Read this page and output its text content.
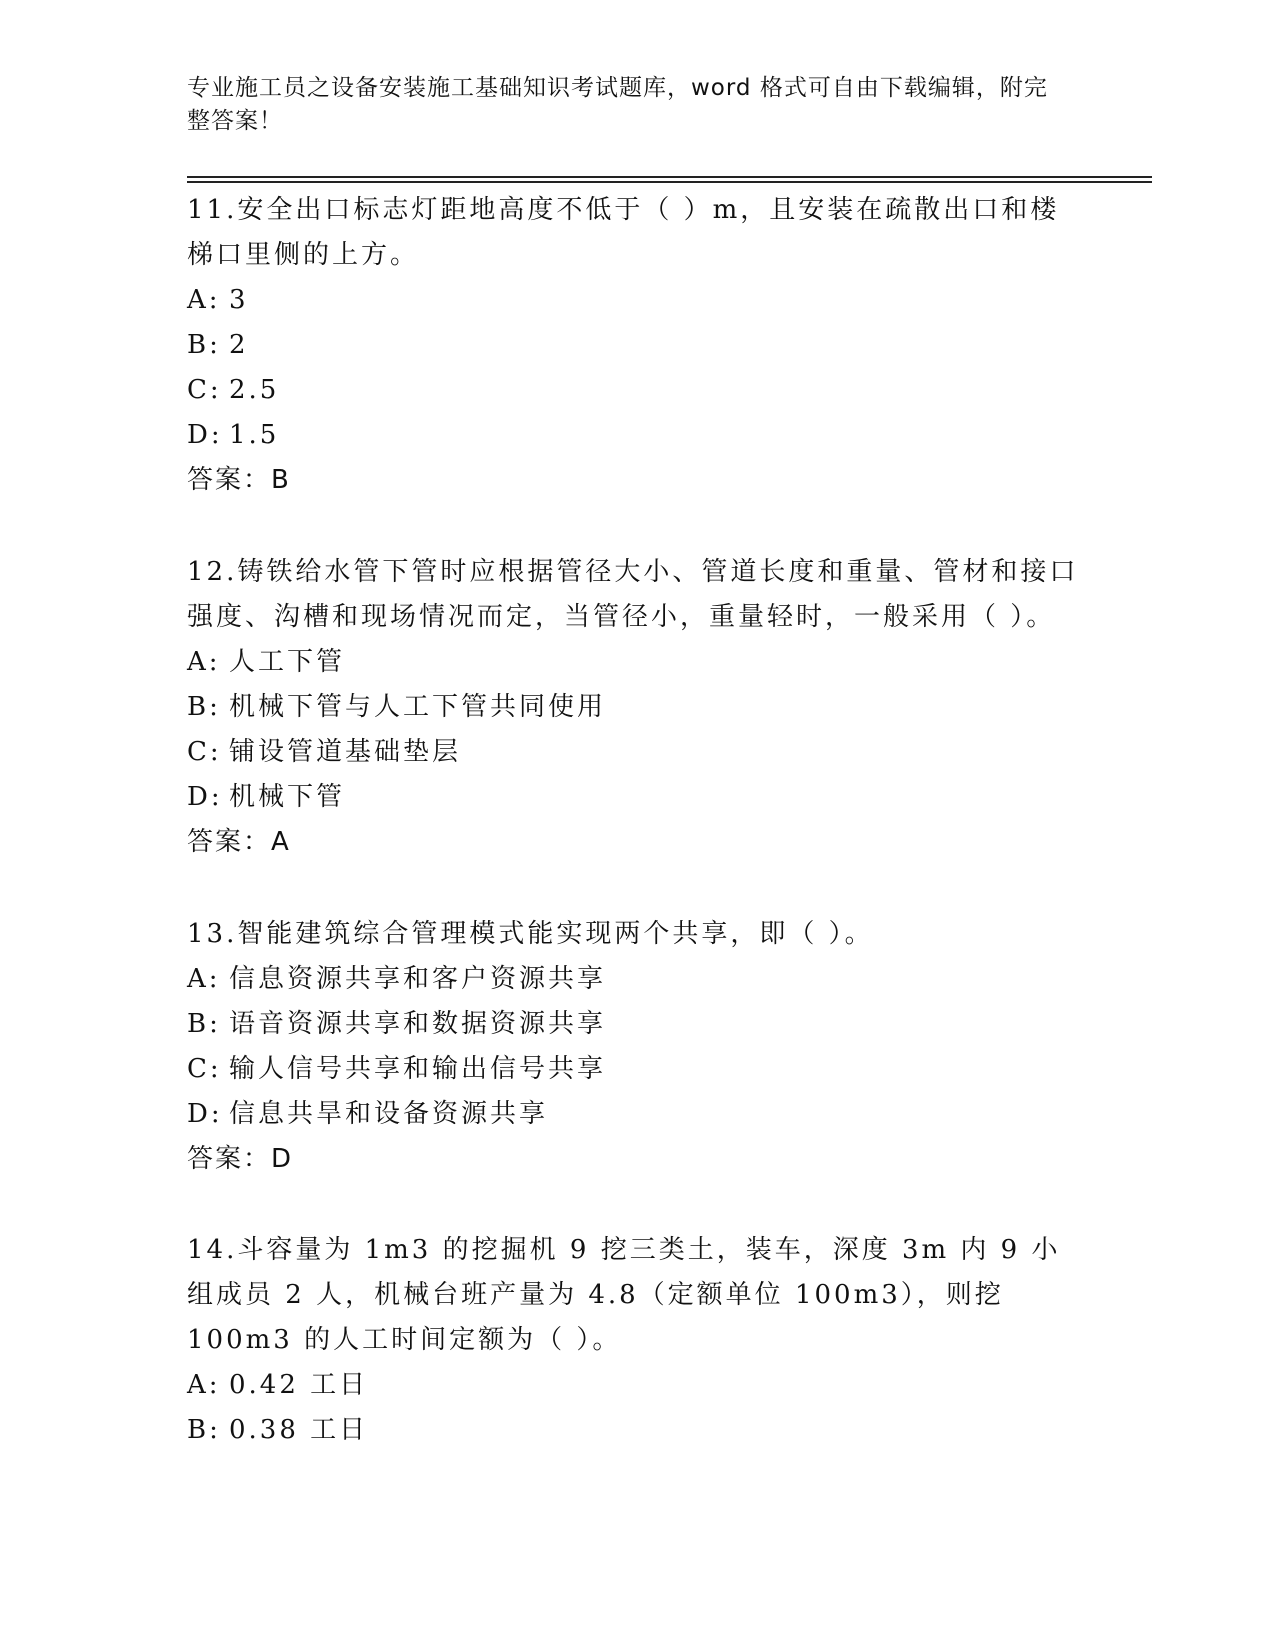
专业施工员之设备安装施工基础知识考试题库，word 格式可自由下载编辑，附完整答案！

11.安全出口标志灯距地高度不低于（ ）m，且安装在疏散出口和楼梯口里侧的上方。

A: 3
B: 2
C: 2.5
D: 1.5
答案：B

12.铸铁给水管下管时应根据管径大小、管道长度和重量、管材和接口强度、沟槽和现场情况而定，当管径小，重量轻时，一般采用（ ）。

A: 人工下管
B: 机械下管与人工下管共同使用
C: 铺设管道基础垫层
D: 机械下管
答案：A

13.智能建筑综合管理模式能实现两个共享，即（ ）。

A: 信息资源共享和客户资源共享
B: 语音资源共享和数据资源共享
C: 输人信号共享和输出信号共享
D: 信息共旱和设备资源共享
答案：D

14.斗容量为 1m3 的挖掘机 9 挖三类土，装车，深度 3m 内 9 小组成员 2 人，机械台班产量为 4.8（定额单位 100m3），则挖 100m3 的人工时间定额为（ ）。

A: 0.42 工日
B: 0.38 工日
